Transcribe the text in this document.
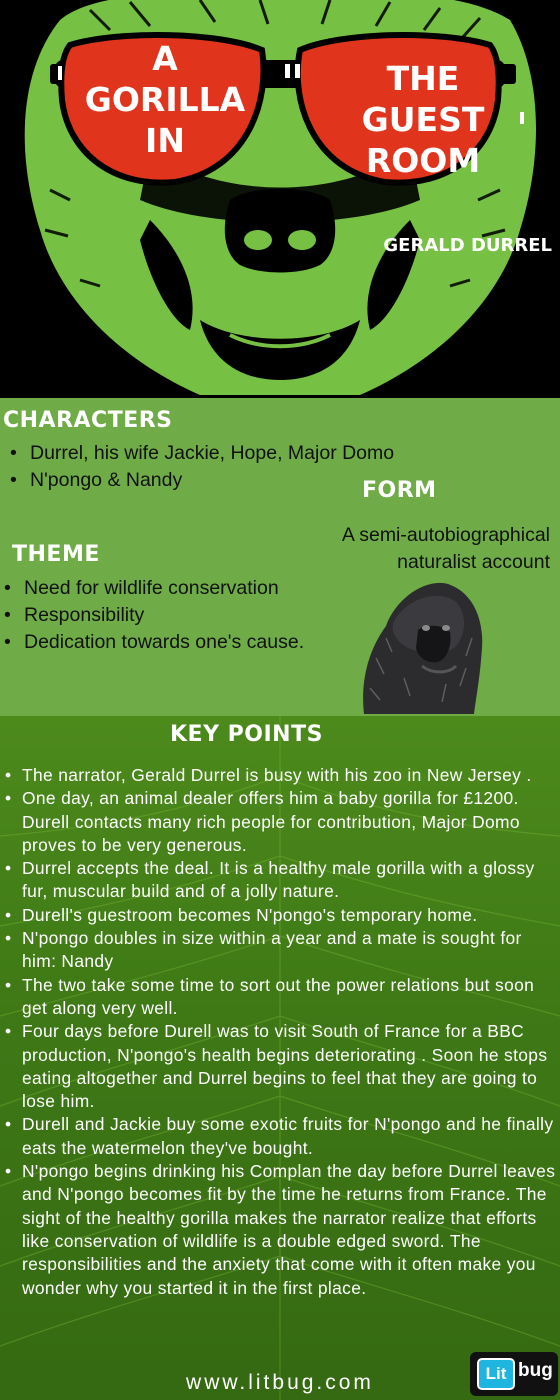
A
GORILLA
IN
THE
GUEST
ROOM
GERALD DURREL
CHARACTERS
• Durrel, his wife Jackie, Hope, Major Domo
• N'pongo & Nandy	FORM
A semi-autobiographical
naturalist account
THEME
• Need for wildlife conservation
• Responsibility
• Dedication towards one's cause.
KEY POINTS
• The narrator, Gerald Durrel is busy with his zoo in New Jersey .
• One day, an animal dealer offers him a baby gorilla for £1200. Durell contacts many rich people for contribution, Major Domo proves to be very generous.
• Durrel accepts the deal. It is a healthy male gorilla with a glossy fur, muscular build and of a jolly nature.
• Durell's guestroom becomes N'pongo's temporary home.
• N'pongo doubles in size within a year and a mate is sought for him: Nandy
• The two take some time to sort out the power relations but soon get along very well.
• Four days before Durell was to visit South of France for a BBC production, N'pongo's health begins deteriorating . Soon he stops eating altogether and Durrel begins to feel that they are going to lose him.
• Durell and Jackie buy some exotic fruits for N'pongo and he finally eats the watermelon they've bought.
• N'pongo begins drinking his Complan the day before Durrel leaves and N'pongo becomes fit by the time he returns from France. The sight of the healthy gorilla makes the narrator realize that efforts like conservation of wildlife is a double edged sword. The responsibilities and the anxiety that come with it often make you wonder why you started it in the first place.
www.litbug.com	Lit bug
